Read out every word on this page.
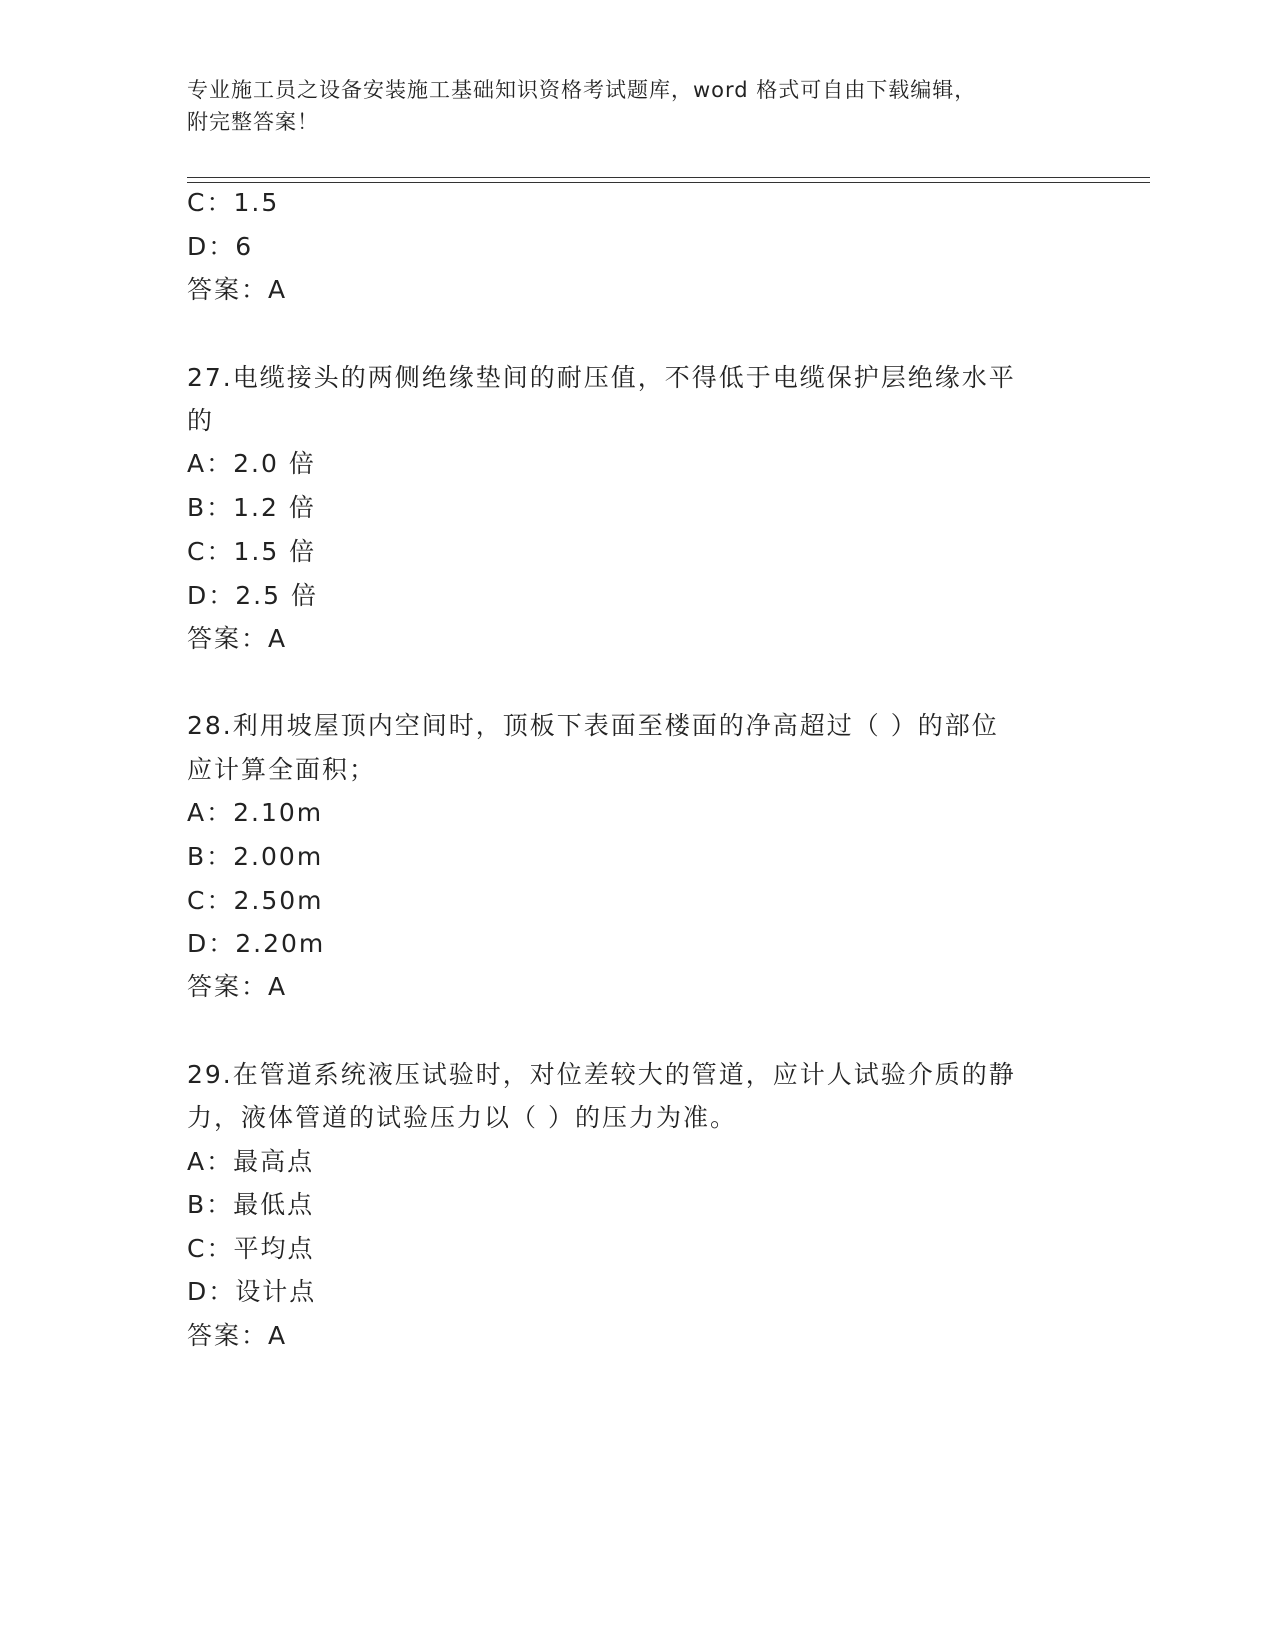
专业施工员之设备安装施工基础知识资格考试题库，word 格式可自由下载编辑，
附完整答案！
C：1.5
D：6
答案：A
27.电缆接头的两侧绝缘垫间的耐压值，不得低于电缆保护层绝缘水平
的
A：2.0 倍
B：1.2 倍
C：1.5 倍
D：2.5 倍
答案：A
28.利用坡屋顶内空间时，顶板下表面至楼面的净高超过（ ）的部位
应计算全面积；
A：2.10m
B：2.00m
C：2.50m
D：2.20m
答案：A
29.在管道系统液压试验时，对位差较大的管道，应计人试验介质的静
力，液体管道的试验压力以（ ）的压力为准。
A：最高点
B：最低点
C：平均点
D：设计点
答案：A
